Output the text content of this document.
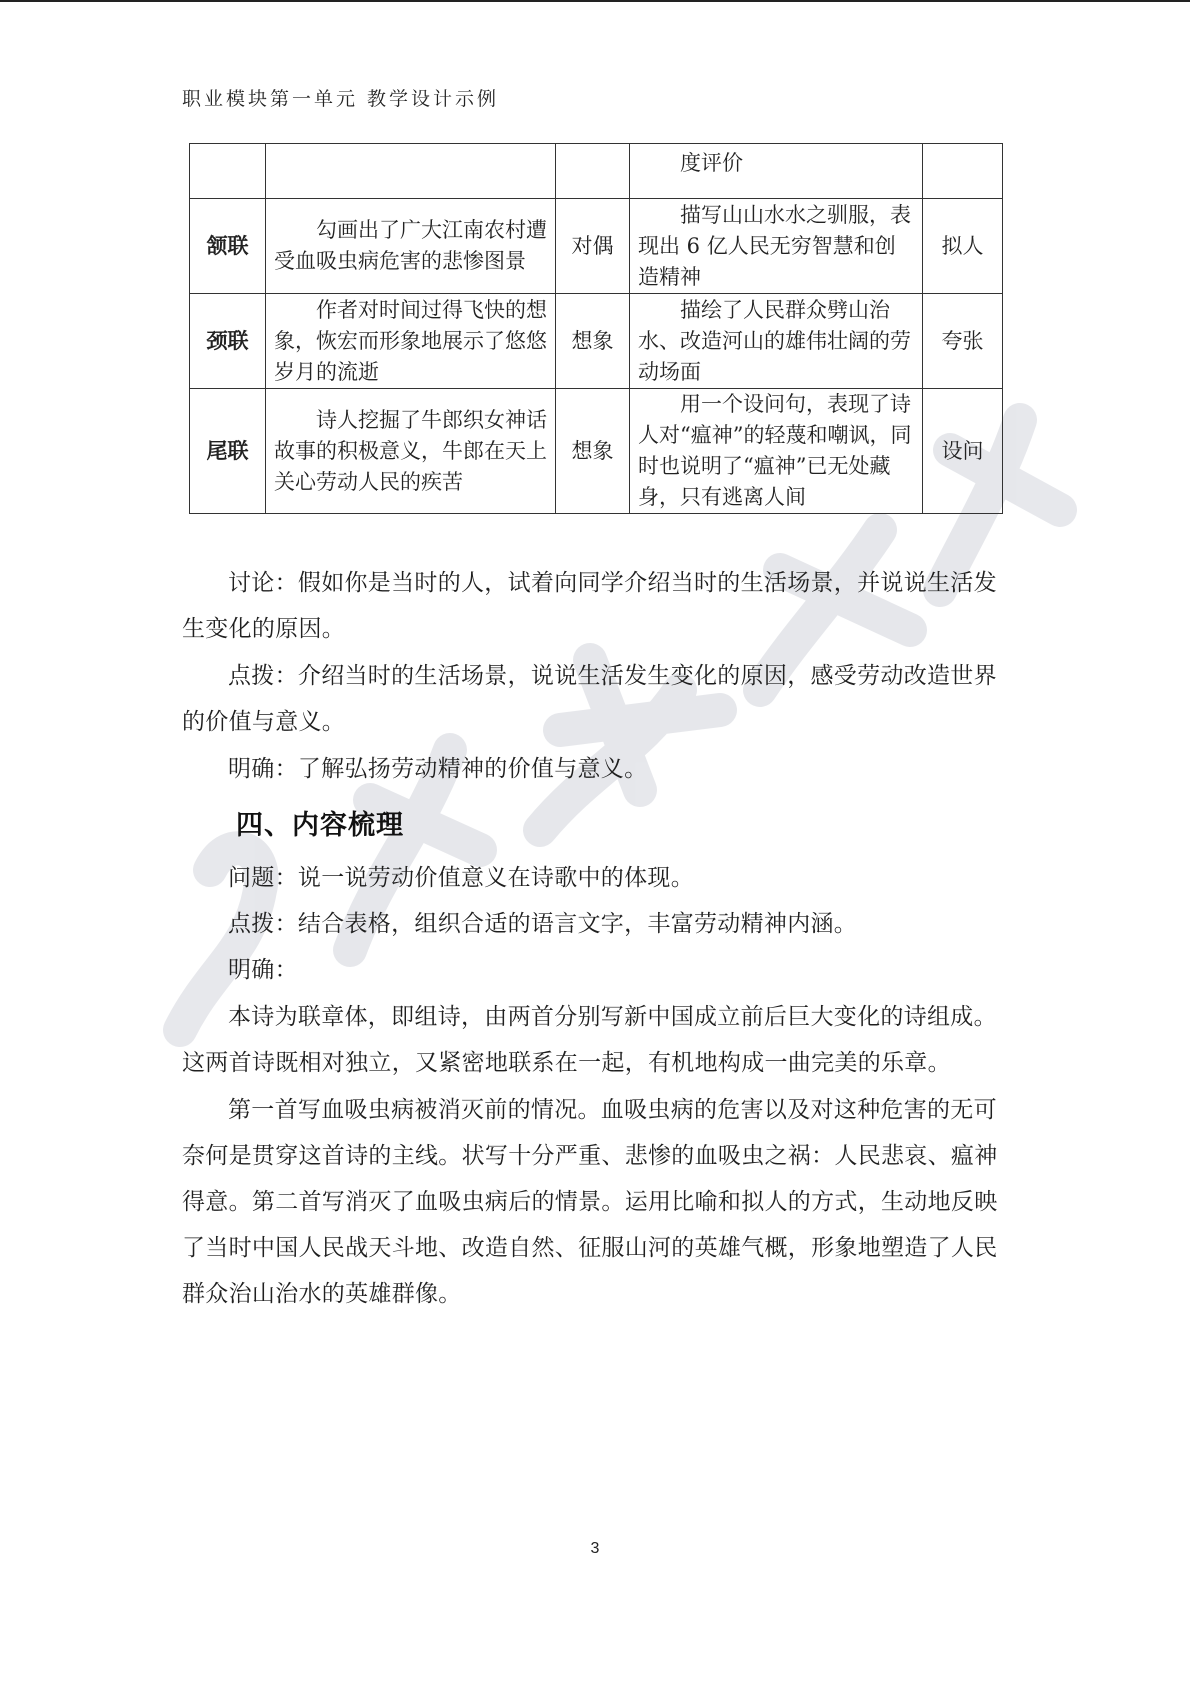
职业模块第一单元 教学设计示例
			度评价	
颔联	勾画出了广大江南农村遭受血吸虫病危害的悲惨图景	对偶	描写山山水水之驯服，表现出 6 亿人民无穷智慧和创造精神	拟人
颈联	作者对时间过得飞快的想象，恢宏而形象地展示了悠悠岁月的流逝	想象	描绘了人民群众劈山治水、改造河山的雄伟壮阔的劳动场面	夸张
尾联	诗人挖掘了牛郎织女神话故事的积极意义，牛郎在天上关心劳动人民的疾苦	想象	用一个设问句，表现了诗人对“瘟神”的轻蔑和嘲讽，同时也说明了“瘟神”已无处藏身，只有逃离人间	设问

讨论：假如你是当时的人，试着向同学介绍当时的生活场景，并说说生活发生变化的原因。

点拨：介绍当时的生活场景，说说生活发生变化的原因，感受劳动改造世界的价值与意义。

明确：了解弘扬劳动精神的价值与意义。

四、内容梳理

问题：说一说劳动价值意义在诗歌中的体现。

点拨：结合表格，组织合适的语言文字，丰富劳动精神内涵。

明确：

本诗为联章体，即组诗，由两首分别写新中国成立前后巨大变化的诗组成。这两首诗既相对独立，又紧密地联系在一起，有机地构成一曲完美的乐章。

第一首写血吸虫病被消灭前的情况。血吸虫病的危害以及对这种危害的无可奈何是贯穿这首诗的主线。状写十分严重、悲惨的血吸虫之祸：人民悲哀、瘟神得意。第二首写消灭了血吸虫病后的情景。运用比喻和拟人的方式，生动地反映了当时中国人民战天斗地、改造自然、征服山河的英雄气概，形象地塑造了人民群众治山治水的英雄群像。

3
